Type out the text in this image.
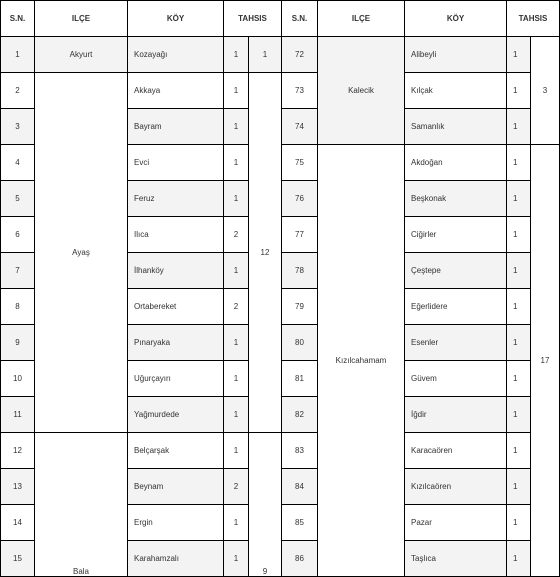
S.N.	ILÇE	KÖY	TAHSIS		S.N.	ILÇE	KÖY	TAHSIS	
1	Akyurt	Kozayağı	1	1	72	Kalecik	Alibeyli	1	3
2	Ayaş	Akkaya	1	12	73		Kılçak	1	
3		Bayram	1		74		Samanlık	1	
4		Evci	1		75	Kızılcahamam	Akdoğan	1	17
5		Feruz	1		76		Beşkonak	1	
6		Ilıca	2		77		Ciğirler	1	
7		İlhanköy	1		78		Çeştepe	1	
8		Ortabereket	2		79		Eğerlidere	1	
9		Pınaryaka	1		80		Esenler	1	
10		Uğurçayırı	1		81		Güvem	1	
11		Yağmurdede	1		82		İğdir	1	
12	Bala	Belçarşak	1	9	83		Karacaören	1	
13		Beynam	2		84		Kızılcaören	1	
14		Ergin	1		85		Pazar	1	
15		Karahamzalı	1		86		Taşlıca	1	
